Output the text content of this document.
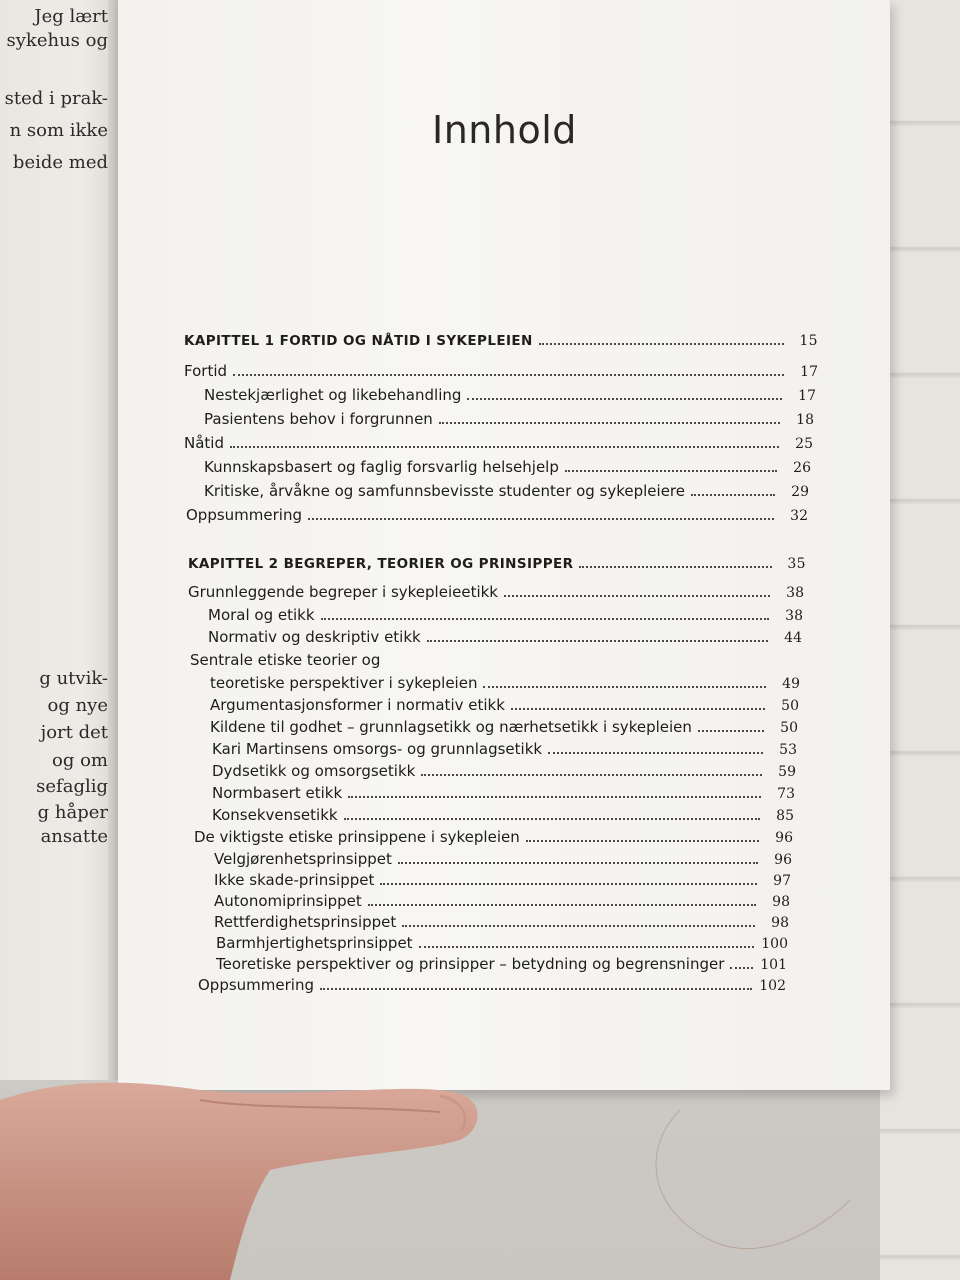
Jeg lært
sykehus og
sted i prak-
n som ikke
beide med
g utvik-
og nye
jort det
og om
sefaglig
g håper
ansatte
Innhold
KAPITTEL 1 FORTID OG NÅTID I SYKEPLEIEN	15
Fortid	17
Nestekjærlighet og likebehandling	17
Pasientens behov i forgrunnen	18
Nåtid	25
Kunnskapsbasert og faglig forsvarlig helsehjelp	26
Kritiske, årvåkne og samfunnsbevisste studenter og sykepleiere	29
Oppsummering	32
KAPITTEL 2 BEGREPER, TEORIER OG PRINSIPPER	35
Grunnleggende begreper i sykepleieetikk	38
Moral og etikk	38
Normativ og deskriptiv etikk	44
Sentrale etiske teorier og
teoretiske perspektiver i sykepleien	49
Argumentasjonsformer i normativ etikk	50
Kildene til godhet – grunnlagsetikk og nærhetsetikk i sykepleien	50
Kari Martinsens omsorgs- og grunnlagsetikk	53
Dydsetikk og omsorgsetikk	59
Normbasert etikk	73
Konsekvensetikk	85
De viktigste etiske prinsippene i sykepleien	96
Velgjørenhetsprinsippet	96
Ikke skade-prinsippet	97
Autonomiprinsippet	98
Rettferdighetsprinsippet	98
Barmhjertighetsprinsippet	100
Teoretiske perspektiver og prinsipper – betydning og begrensninger	101
Oppsummering	102
